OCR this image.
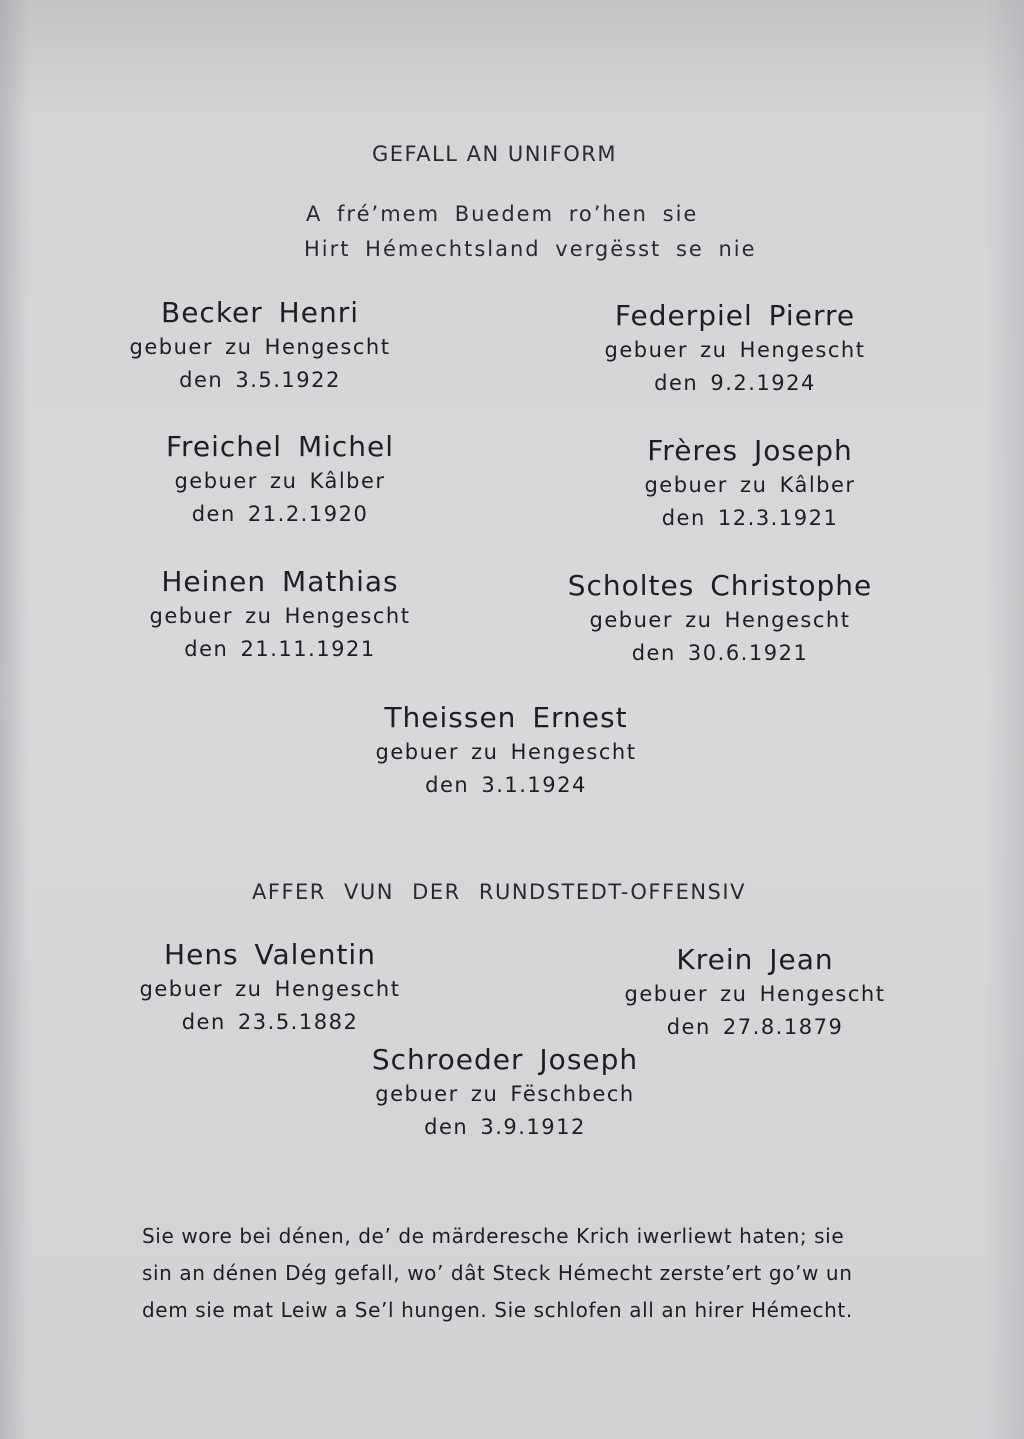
GEFALL AN UNIFORM
A fré’mem Buedem ro’hen sie
Hirt Hémechtsland vergësst se nie
Becker Henri
gebuer zu Hengescht
den 3.5.1922
Federpiel Pierre
gebuer zu Hengescht
den 9.2.1924
Freichel Michel
gebuer zu Kâlber
den 21.2.1920
Frères Joseph
gebuer zu Kâlber
den 12.3.1921
Heinen Mathias
gebuer zu Hengescht
den 21.11.1921
Scholtes Christophe
gebuer zu Hengescht
den 30.6.1921
Theissen Ernest
gebuer zu Hengescht
den 3.1.1924
AFFER VUN DER RUNDSTEDT-OFFENSIV
Hens Valentin
gebuer zu Hengescht
den 23.5.1882
Krein Jean
gebuer zu Hengescht
den 27.8.1879
Schroeder Joseph
gebuer zu Fëschbech
den 3.9.1912
Sie wore bei dénen, de’ de märderesche Krich iwerliewt haten; sie
sin an dénen Dég gefall, wo’ dât Steck Hémecht zerste’ert go’w un
dem sie mat Leiw a Se’l hungen. Sie schlofen all an hirer Hémecht.
